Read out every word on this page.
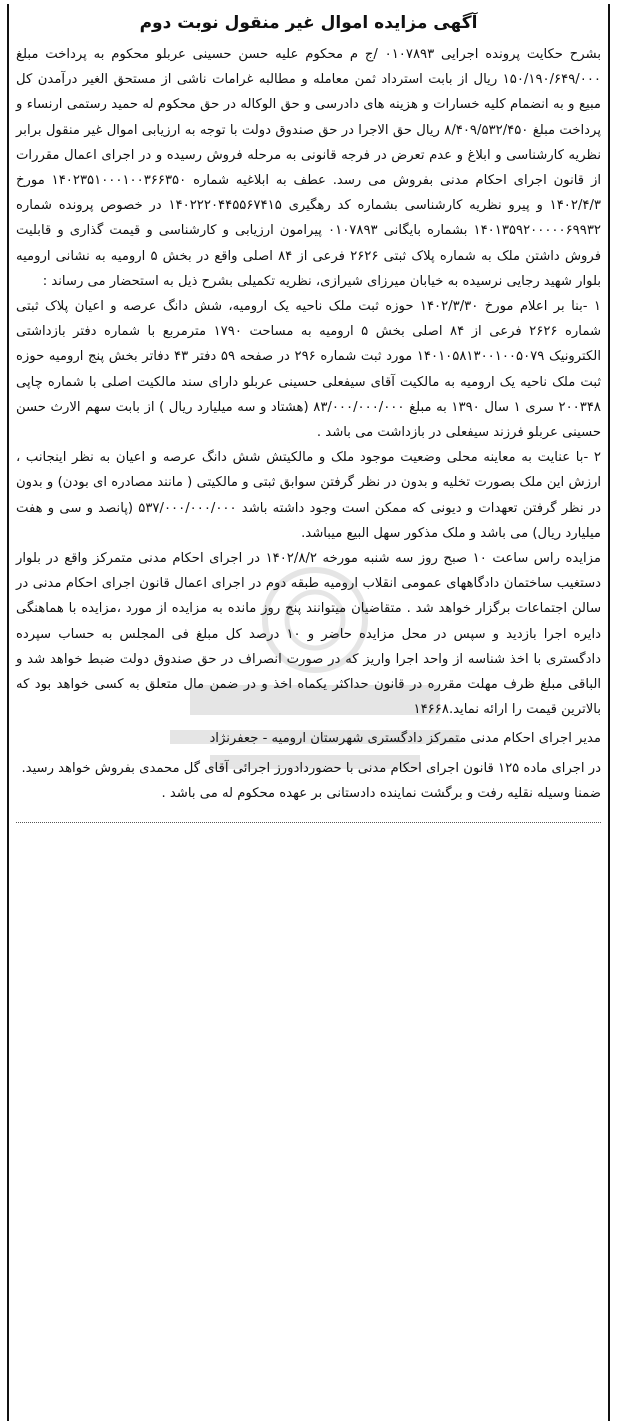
آگهی مزایده اموال غیر منقول نوبت دوم

بشرح حکایت پرونده اجرایی ۰۱۰۷۸۹۳ /ج م محکوم علیه حسن حسینی عربلو محکوم به پرداخت مبلغ ۱۵۰/۱۹۰/۶۴۹/۰۰۰ ریال از بابت استرداد ثمن معامله و مطالبه غرامات ناشی از مستحق الغیر درآمدن کل مبیع و به انضمام کلیه خسارات و هزینه های دادرسی و حق الوکاله در حق محکوم له حمید رستمی ارنساء و پرداخت مبلغ ۸/۴۰۹/۵۳۲/۴۵۰ ریال حق الاجرا در حق صندوق دولت با توجه به ارزیابی اموال غیر منقول برابر نظریه کارشناسی و ابلاغ و عدم تعرض در فرجه قانونی به مرحله فروش رسیده و در اجرای اعمال مقررات از قانون اجرای احکام مدنی بفروش می رسد. عطف به ابلاغیه شماره ۱۴۰۲۳۵۱۰۰۰۱۰۰۳۶۶۳۵۰ مورخ ۱۴۰۲/۴/۳ و پیرو نظریه کارشناسی بشماره کد رهگیری ۱۴۰۲۲۲۰۴۴۵۵۶۷۴۱۵ در خصوص پرونده شماره ۱۴۰۱۳۵۹۲۰۰۰۰۰۶۹۹۳۲ بشماره بایگانی ۰۱۰۷۸۹۳ پیرامون ارزیابی و کارشناسی و قیمت گذاری و قابلیت فروش داشتن ملک به شماره پلاک ثبتی ۲۶۲۶ فرعی از ۸۴ اصلی واقع در بخش ۵ ارومیه به نشانی ارومیه بلوار شهید رجایی نرسیده به خیابان میرزای شیرازی، نظریه تکمیلی بشرح ذیل به استحضار می رساند :

۱ -بنا بر اعلام مورخ ۱۴۰۲/۳/۳۰ حوزه ثبت ملک ناحیه یک ارومیه، شش دانگ عرصه و اعیان پلاک ثبتی شماره ۲۶۲۶ فرعی از ۸۴ اصلی بخش ۵ ارومیه به مساحت ۱۷۹۰ مترمربع با شماره دفتر بازداشتی الکترونیک ۱۴۰۱۰۵۸۱۳۰۰۱۰۰۵۰۷۹ مورد ثبت شماره ۲۹۶ در صفحه ۵۹ دفتر ۴۳ دفاتر بخش پنج ارومیه حوزه ثبت ملک ناحیه یک ارومیه به مالکیت آقای سیفعلی حسینی عربلو دارای سند مالکیت اصلی با شماره چاپی ۲۰۰۳۴۸ سری ۱ سال ۱۳۹۰ به مبلغ ۸۳/۰۰۰/۰۰۰/۰۰۰ (هشتاد و سه میلیارد ریال ) از بابت سهم الارث حسن حسینی عربلو فرزند سیفعلی در بازداشت می باشد .

۲ -با عنایت به معاینه محلی وضعیت موجود ملک و مالکیتش شش دانگ عرصه و اعیان به نظر اینجانب ، ارزش این ملک بصورت تخلیه و بدون در نظر گرفتن سوابق ثبتی و مالکیتی ( مانند مصادره ای بودن) و بدون در نظر گرفتن تعهدات و دیونی که ممکن است وجود داشته باشد ۵۳۷/۰۰۰/۰۰۰/۰۰۰ (پانصد و سی و هفت میلیارد ریال) می باشد و ملک مذکور سهل البیع میباشد.

مزایده راس ساعت ۱۰ صبح روز سه شنبه مورخه ۱۴۰۲/۸/۲ در اجرای احکام مدنی متمرکز واقع در بلوار دستغیب ساختمان دادگاههای عمومی انقلاب ارومیه طبقه دوم در اجرای اعمال قانون اجرای احکام مدنی در سالن اجتماعات برگزار خواهد شد . متقاضیان میتوانند پنج روز مانده به مزایده از مورد ،مزایده با هماهنگی دایره اجرا بازدید و سپس در محل مزایده حاضر و ۱۰ درصد کل مبلغ فی المجلس به حساب سپرده دادگستری با اخذ شناسه از واحد اجرا واریز که در صورت انصراف در حق صندوق دولت ضبط خواهد شد و الباقی مبلغ ظرف مهلت مقرره در قانون حداکثر یکماه اخذ و در ضمن مال متعلق به کسی خواهد بود که بالاترین قیمت را ارائه نماید.۱۴۶۶۸

مدیر اجرای احکام مدنی متمرکز دادگستری شهرستان ارومیه - جعفرنژاد

در اجرای ماده ۱۲۵ قانون اجرای احکام مدنی با حضوردادورز اجرائی آقای گل محمدی بفروش خواهد رسید.

ضمنا وسیله نقلیه رفت و برگشت نماینده دادستانی بر عهده محکوم له می باشد .
